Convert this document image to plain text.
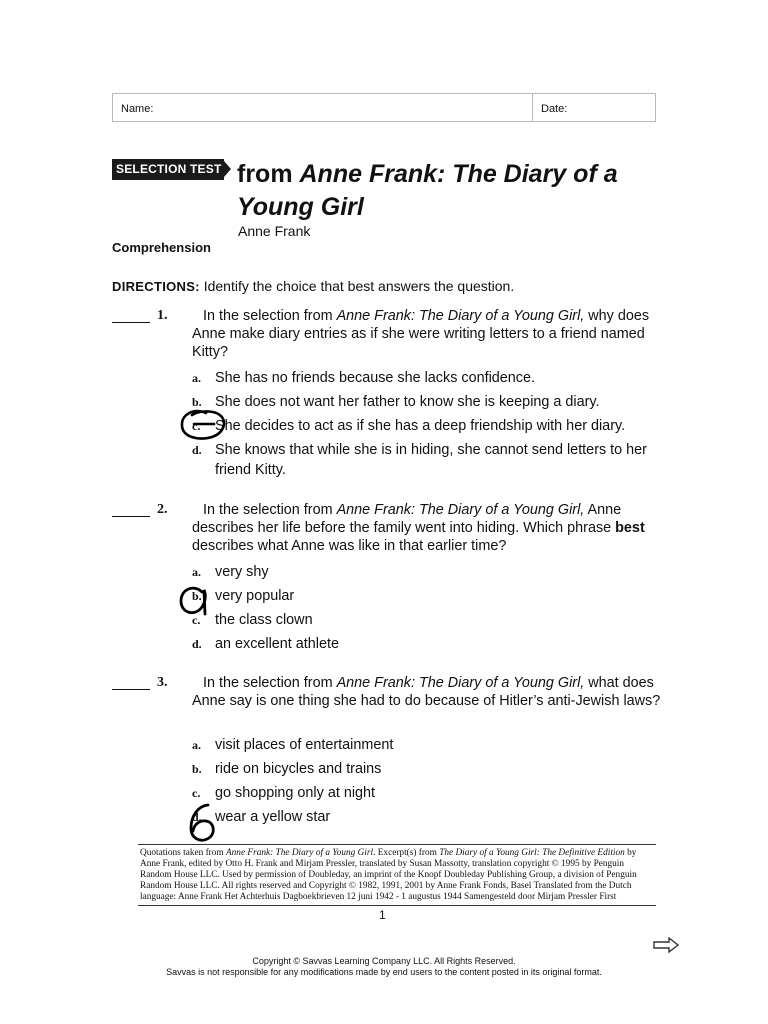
Name:	Date:
SELECTION TEST from Anne Frank: The Diary of a Young Girl
Anne Frank
Comprehension
DIRECTIONS: Identify the choice that best answers the question.
1.	In the selection from Anne Frank: The Diary of a Young Girl, why does Anne make diary entries as if she were writing letters to a friend named Kitty?
a. She has no friends because she lacks confidence.
b. She does not want her father to know she is keeping a diary.
c. She decides to act as if she has a deep friendship with her diary.
d. She knows that while she is in hiding, she cannot send letters to her friend Kitty.
2.	In the selection from Anne Frank: The Diary of a Young Girl, Anne describes her life before the family went into hiding. Which phrase best describes what Anne was like in that earlier time?
a. very shy
b. very popular
c. the class clown
d. an excellent athlete
3.	In the selection from Anne Frank: The Diary of a Young Girl, what does Anne say is one thing she had to do because of Hitler’s anti-Jewish laws?
a. visit places of entertainment
b. ride on bicycles and trains
c. go shopping only at night
d. wear a yellow star
Quotations taken from Anne Frank: The Diary of a Young Girl. Excerpt(s) from The Diary of a Young Girl: The Definitive Edition by Anne Frank, edited by Otto H. Frank and Mirjam Pressler, translated by Susan Massotty, translation copyright © 1995 by Penguin Random House LLC. Used by permission of Doubleday, an imprint of the Knopf Doubleday Publishing Group, a division of Penguin Random House LLC. All rights reserved and Copyright © 1982, 1991, 2001 by Anne Frank Fonds, Basel Translated from the Dutch language: Anne Frank Het Achterhuis Dagboekbrieven 12 juni 1942 - 1 augustus 1944 Samengesteld door Mirjam Pressler First
1
Copyright © Savvas Learning Company LLC. All Rights Reserved.
Savvas is not responsible for any modifications made by end users to the content posted in its original format.
